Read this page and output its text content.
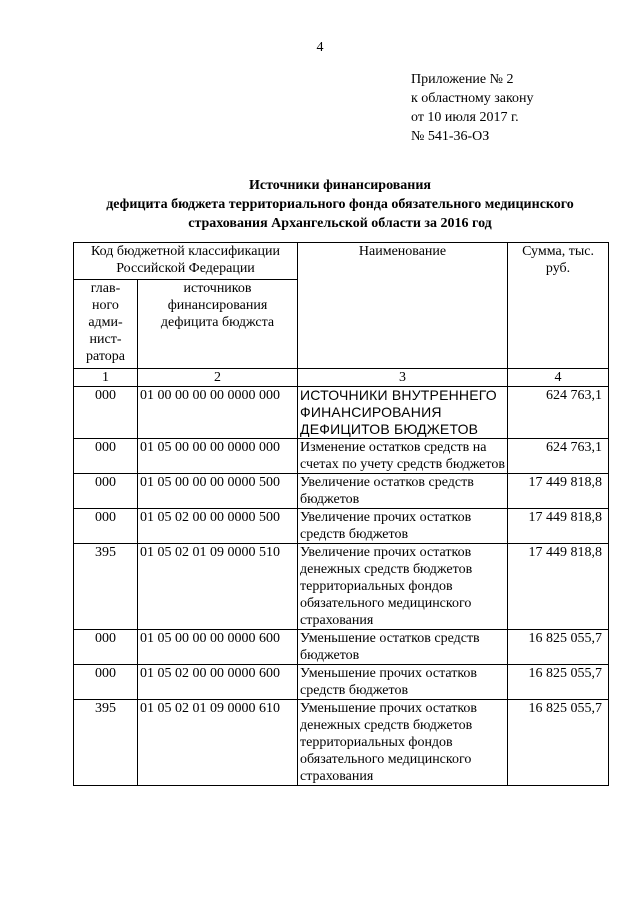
4
Приложение № 2
к областному закону
от 10 июля 2017 г.
№ 541-36-ОЗ
Источники финансирования
дефицита бюджета территориального фонда обязательного медицинского
страхования Архангельской области за 2016 год
Код бюджетной классификации Российской Федерации		Наименование	Сумма, тыс. руб.

глав-
ного
адми-
нист-
ратора	источников финансирования дефицита бюджста		
1	2	3	4
000	01 00 00 00 00 0000 000	ИСТОЧНИКИ ВНУТРЕННЕГО ФИНАНСИРОВАНИЯ ДЕФИЦИТОВ БЮДЖЕТОВ	624 763,1
000	01 05 00 00 00 0000 000	Изменение остатков средств на счетах по учету средств бюджетов	624 763,1
000	01 05 00 00 00 0000 500	Увеличение остатков средств бюджетов	17 449 818,8
000	01 05 02 00 00 0000 500	Увеличение прочих остатков средств бюджетов	17 449 818,8
395	01 05 02 01 09 0000 510	Увеличение прочих остатков денежных средств бюджетов территориальных фондов обязательного медицинского страхования	17 449 818,8
000	01 05 00 00 00 0000 600	Уменьшение остатков средств бюджетов	16 825 055,7
000	01 05 02 00 00 0000 600	Уменьшение прочих остатков средств бюджетов	16 825 055,7
395	01 05 02 01 09 0000 610	Уменьшение прочих остатков денежных средств бюджетов территориальных фондов обязательного медицинского страхования	16 825 055,7
